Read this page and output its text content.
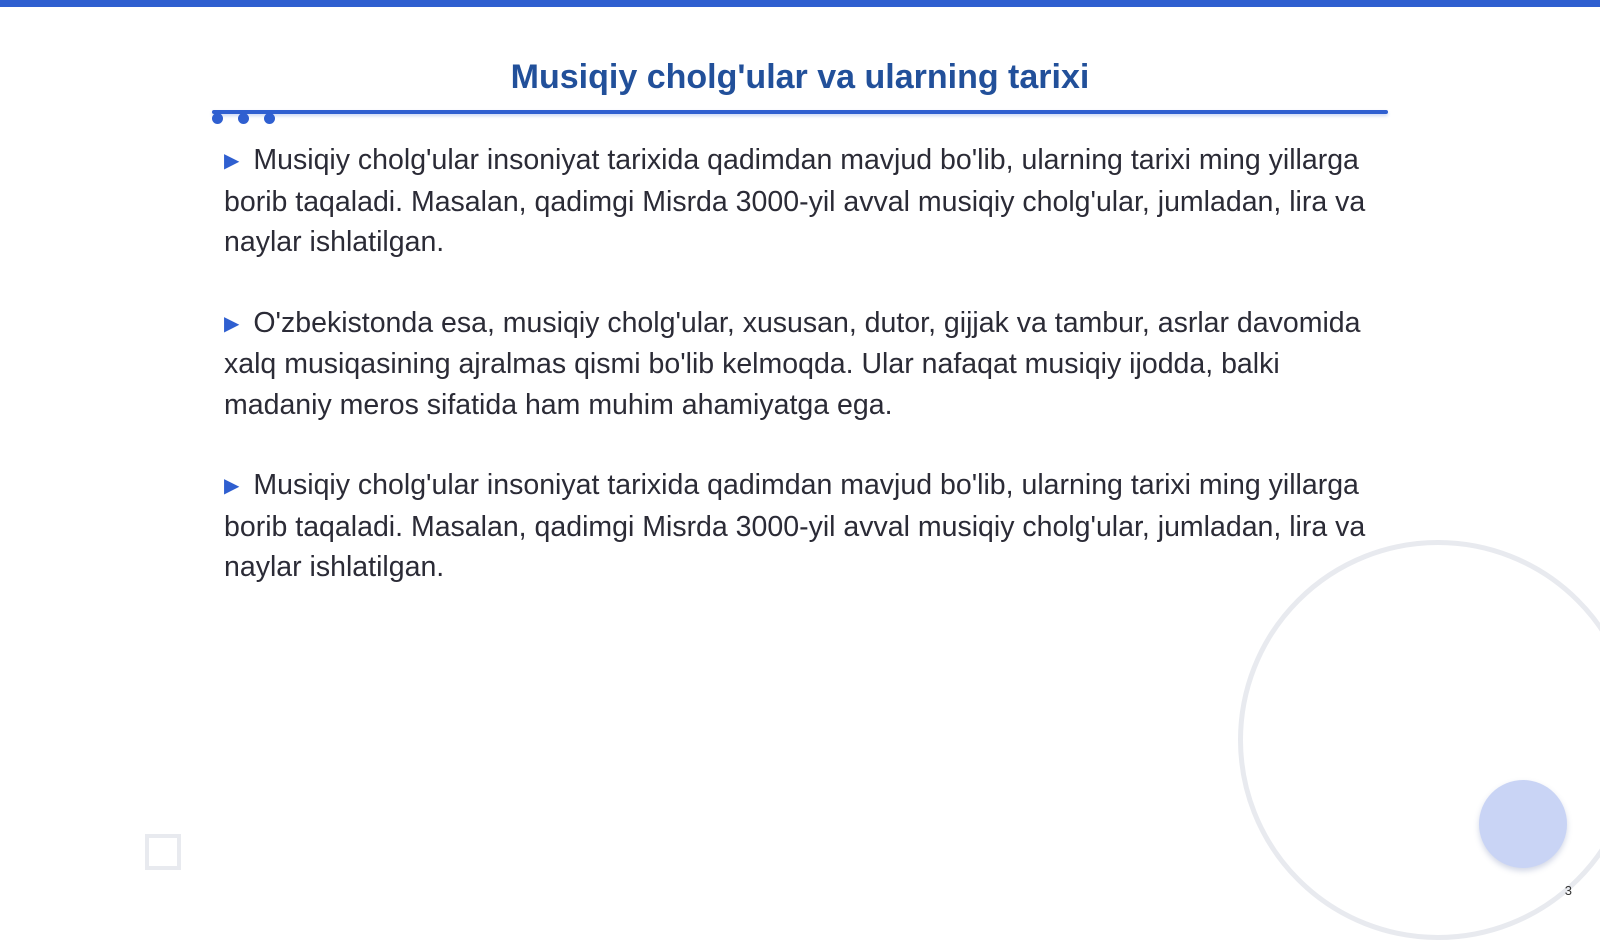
Musiqiy cholg'ular va ularning tarixi

▶ Musiqiy cholg'ular insoniyat tarixida qadimdan mavjud bo'lib, ularning tarixi ming yillarga borib taqaladi. Masalan, qadimgi Misrda 3000-yil avval musiqiy cholg'ular, jumladan, lira va naylar ishlatilgan.

▶ O'zbekistonda esa, musiqiy cholg'ular, xususan, dutor, gijjak va tambur, asrlar davomida xalq musiqasining ajralmas qismi bo'lib kelmoqda. Ular nafaqat musiqiy ijodda, balki madaniy meros sifatida ham muhim ahamiyatga ega.

▶ Musiqiy cholg'ular insoniyat tarixida qadimdan mavjud bo'lib, ularning tarixi ming yillarga borib taqaladi. Masalan, qadimgi Misrda 3000-yil avval musiqiy cholg'ular, jumladan, lira va naylar ishlatilgan.

3
